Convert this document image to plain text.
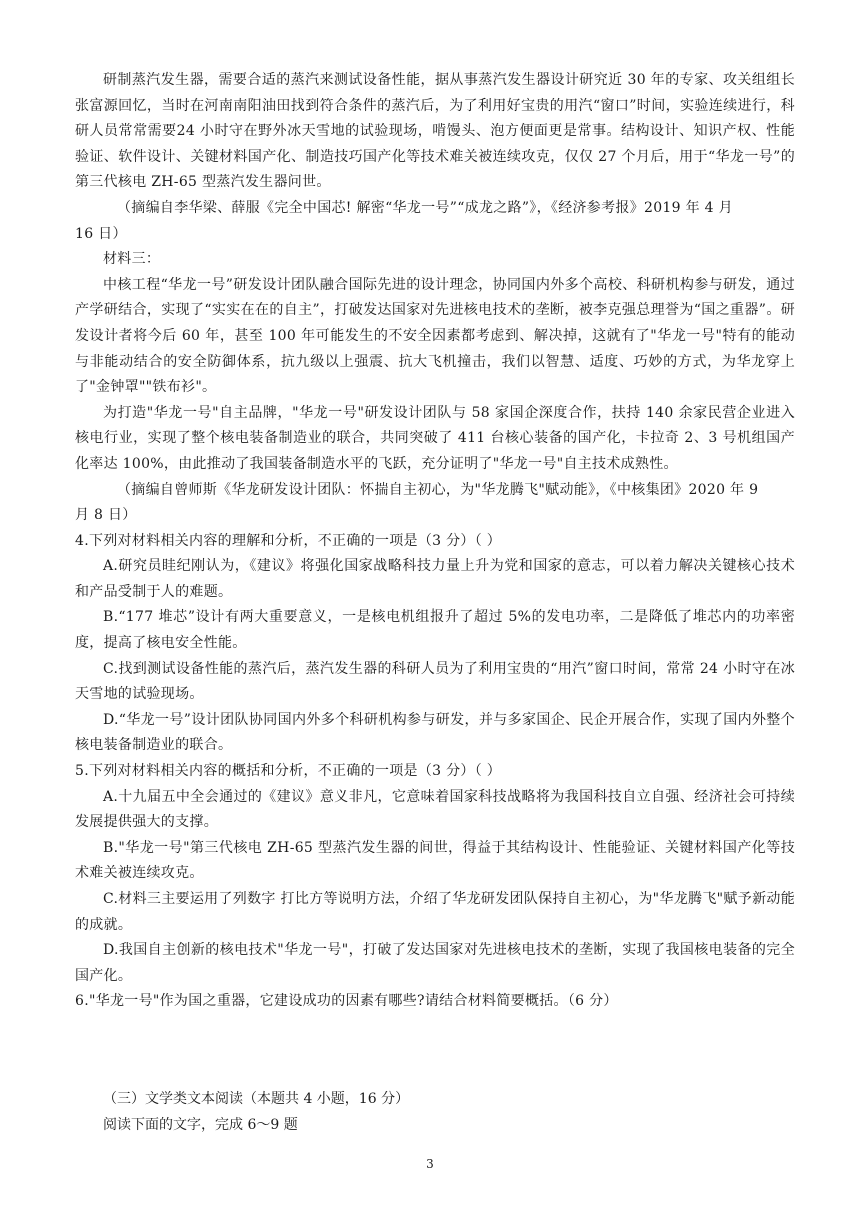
研制蒸汽发生器，需要合适的蒸汽来测试设备性能，据从事蒸汽发生器设计研究近 30 年的专家、攻关组组长张富源回忆，当时在河南南阳油田找到符合条件的蒸汽后，为了利用好宝贵的用汽“窗口”时间，实验连续进行，科研人员常常需要24 小时守在野外冰天雪地的试验现场，啃馒头、泡方便面更是常事。结构设计、知识产权、性能验证、软件设计、关键材料国产化、制造技巧国产化等技术难关被连续攻克，仅仅 27 个月后，用于“华龙一号”的第三代核电 ZH-65 型蒸汽发生器问世。

（摘编自李华梁、薛服《完全中国芯! 解密“华龙一号”“成龙之路”》，《经济参考报》2019 年 4 月

16 日）

材料三：

中核工程“华龙一号”研发设计团队融合国际先进的设计理念，协同国内外多个高校、科研机构参与研发，通过产学研结合，实现了“实实在在的自主”，打破发达国家对先进核电技术的垄断，被李克强总理誉为“国之重器”。研发设计者将今后 60 年，甚至 100 年可能发生的不安全因素都考虑到、解决掉，这就有了"华龙一号"特有的能动与非能动结合的安全防御体系，抗九级以上强震、抗大飞机撞击，我们以智慧、适度、巧妙的方式，为华龙穿上了"金钟罩""铁布衫"。

为打造"华龙一号"自主品牌，"华龙一号"研发设计团队与 58 家国企深度合作，扶持 140 余家民营企业进入核电行业，实现了整个核电装备制造业的联合，共同突破了 411 台核心装备的国产化，卡拉奇 2、3 号机组国产化率达 100%，由此推动了我国装备制造水平的飞跃，充分证明了"华龙一号"自主技术成熟性。

（摘编自曾师斯《华龙研发设计团队：怀揣自主初心，为"华龙腾飞"赋动能》，《中核集团》2020 年 9

月 8 日）

4.下列对材料相关内容的理解和分析，不正确的一项是（3 分）（ ）

A.研究员眭纪刚认为，《建议》将强化国家战略科技力量上升为党和国家的意志，可以着力解决关键核心技术和产品受制于人的难题。

B.“177 堆芯”设计有两大重要意义，一是核电机组报升了超过 5%的发电功率，二是降低了堆芯内的功率密度，提高了核电安全性能。

C.找到测试设备性能的蒸汽后，蒸汽发生器的科研人员为了利用宝贵的“用汽”窗口时间，常常 24 小时守在冰天雪地的试验现场。

D.“华龙一号”设计团队协同国内外多个科研机构参与研发，并与多家国企、民企开展合作，实现了国内外整个核电装备制造业的联合。

5.下列对材料相关内容的概括和分析，不正确的一项是（3 分）（ ）

A.十九届五中全会通过的《建议》意义非凡，它意味着国家科技战略将为我国科技自立自强、经济社会可持续发展提供强大的支撑。

B."华龙一号"第三代核电 ZH-65 型蒸汽发生器的间世，得益于其结构设计、性能验证、关键材料国产化等技术难关被连续攻克。

C.材料三主要运用了列数字 打比方等说明方法，介绍了华龙研发团队保持自主初心，为"华龙腾飞"赋予新动能的成就。

D.我国自主创新的核电技术"华龙一号"，打破了发达国家对先进核电技术的垄断，实现了我国核电装备的完全国产化。

6."华龙一号"作为国之重器，它建设成功的因素有哪些?请结合材料简要概括。（6 分）

（三）文学类文本阅读（本题共 4 小题，16 分）

阅读下面的文字，完成 6～9 题

3
